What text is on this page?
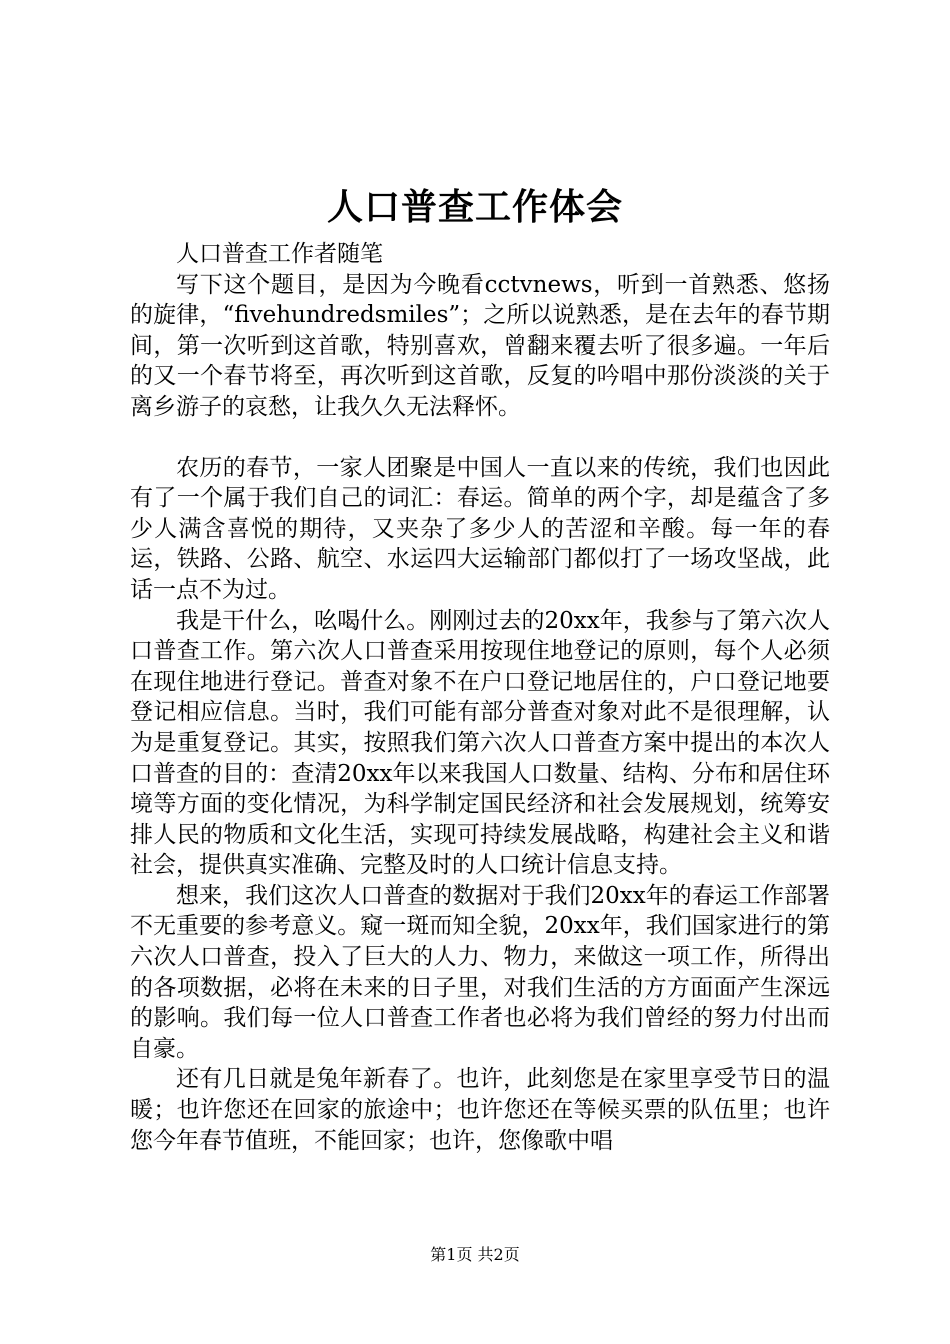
人口普查工作体会

人口普查工作者随笔

写下这个题目，是因为今晚看cctvnews，听到一首熟悉、悠扬的旋律，“fivehundredsmiles”；之所以说熟悉，是在去年的春节期间，第一次听到这首歌，特别喜欢，曾翻来覆去听了很多遍。一年后的又一个春节将至，再次听到这首歌，反复的吟唱中那份淡淡的关于离乡游子的哀愁，让我久久无法释怀。

农历的春节，一家人团聚是中国人一直以来的传统，我们也因此有了一个属于我们自己的词汇：春运。简单的两个字，却是蕴含了多少人满含喜悦的期待，又夹杂了多少人的苦涩和辛酸。每一年的春运，铁路、公路、航空、水运四大运输部门都似打了一场攻坚战，此话一点不为过。

我是干什么，吆喝什么。刚刚过去的20xx年，我参与了第六次人口普查工作。第六次人口普查采用按现住地登记的原则，每个人必须在现住地进行登记。普查对象不在户口登记地居住的，户口登记地要登记相应信息。当时，我们可能有部分普查对象对此不是很理解，认为是重复登记。其实，按照我们第六次人口普查方案中提出的本次人口普查的目的：查清20xx年以来我国人口数量、结构、分布和居住环境等方面的变化情况，为科学制定国民经济和社会发展规划，统筹安排人民的物质和文化生活，实现可持续发展战略，构建社会主义和谐社会，提供真实准确、完整及时的人口统计信息支持。

想来，我们这次人口普查的数据对于我们20xx年的春运工作部署不无重要的参考意义。窥一斑而知全貌，20xx年，我们国家进行的第六次人口普查，投入了巨大的人力、物力，来做这一项工作，所得出的各项数据，必将在未来的日子里，对我们生活的方方面面产生深远的影响。我们每一位人口普查工作者也必将为我们曾经的努力付出而自豪。

还有几日就是兔年新春了。也许，此刻您是在家里享受节日的温暖；也许您还在回家的旅途中；也许您还在等候买票的队伍里；也许您今年春节值班，不能回家；也许，您像歌中唱

第1页 共2页
